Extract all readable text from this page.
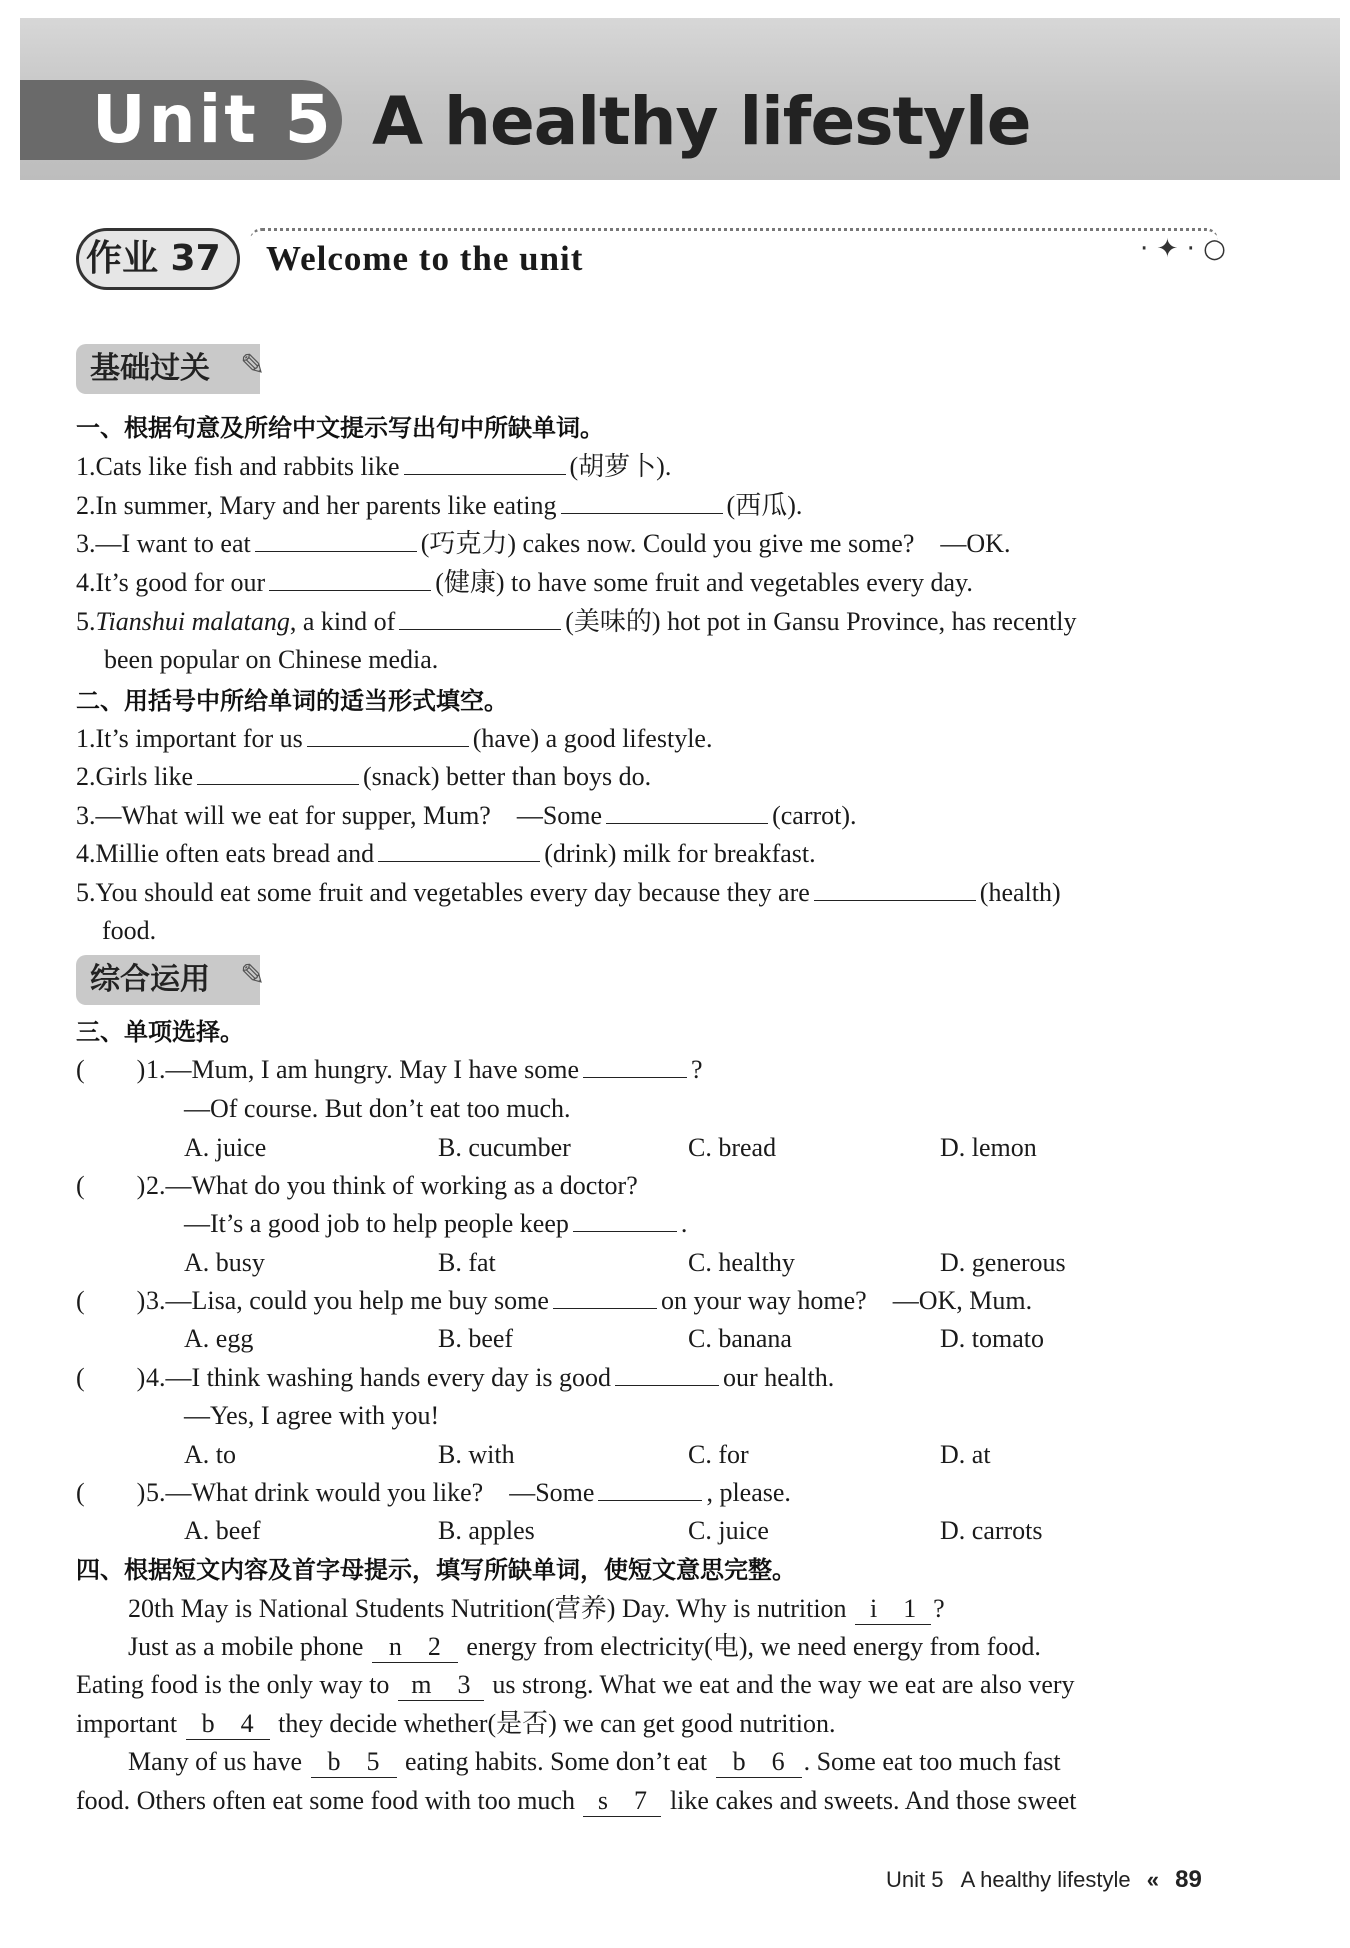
Unit 5 A healthy lifestyle
· ✦ · ○
作业 37 Welcome to the unit
基础过关	✎
一、根据句意及所给中文提示写出句中所缺单词。
1.Cats like fish and rabbits like	(胡萝卜).
2.In summer, Mary and her parents like eating	(西瓜).
3.—I want to eat	(巧克力) cakes now. Could you give me some?　—OK.
4.It’s good for our	(健康) to have some fruit and vegetables every day.
5.Tianshui malatang, a kind of	(美味的) hot pot in Gansu Province, has recently
been popular on Chinese media.
二、用括号中所给单词的适当形式填空。
1.It’s important for us	(have) a good lifestyle.
2.Girls like	(snack) better than boys do.
3.—What will we eat for supper, Mum?　—Some	(carrot).
4.Millie often eats bread and	(drink) milk for breakfast.
5.You should eat some fruit and vegetables every day because they are	(health)
food.
综合运用	✎
三、单项选择。
(　　) 1.—Mum, I am hungry. May I have some	?
—Of course. But don’t eat too much.
A. juice	B. cucumber	C. bread	D. lemon
(　　) 2.—What do you think of working as a doctor?
—It’s a good job to help people keep	.
A. busy	B. fat	C. healthy	D. generous
(　　) 3.—Lisa, could you help me buy some	on your way home?　—OK, Mum.
A. egg	B. beef	C. banana	D. tomato
(　　) 4.—I think washing hands every day is good	our health.
—Yes, I agree with you!
A. to	B. with	C. for	D. at
(　　) 5.—What drink would you like?　—Some	, please.
A. beef	B. apples	C. juice	D. carrots
四、根据短文内容及首字母提示，填写所缺单词，使短文意思完整。
20th May is National Students Nutrition(营养) Day. Why is nutrition i　 1 ?
Just as a mobile phone n　 2 energy from electricity(电), we need energy from food.
Eating food is the only way to m　 3 us strong. What we eat and the way we eat are also very
important b　 4 they decide whether(是否) we can get good nutrition.
Many of us have b　 5 eating habits. Some don’t eat b　 6 . Some eat too much fast
food. Others often eat some food with too much s　 7 like cakes and sweets. And those sweet
Unit 5 A healthy lifestyle « 89
